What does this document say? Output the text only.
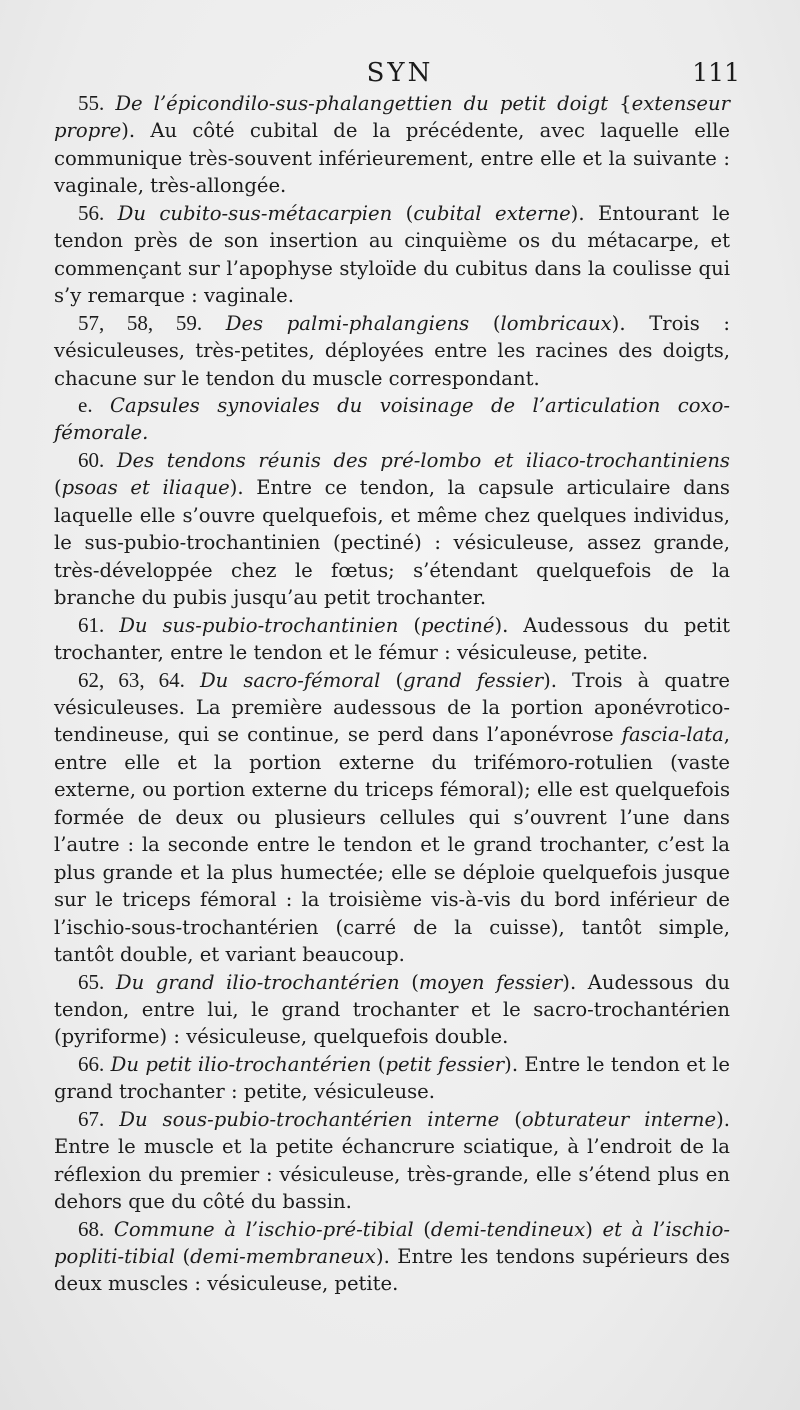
SYN	111

55. De l’épicondilo-sus-phalangettien du petit doigt {extenseur propre). Au côté cubital de la précédente, avec laquelle elle communique très-souvent inférieurement, entre elle et la suivante : vaginale, très-allongée.

56. Du cubito-sus-métacarpien (cubital externe). Entourant le tendon près de son insertion au cinquième os du métacarpe, et commençant sur l’apophyse styloïde du cubitus dans la coulisse qui s’y remarque : vaginale.

57, 58, 59. Des palmi-phalangiens (lombricaux). Trois : vésiculeuses, très-petites, déployées entre les racines des doigts, chacune sur le tendon du muscle correspondant.

e. Capsules synoviales du voisinage de l’articulation coxo-fémorale.

60. Des tendons réunis des pré-lombo et iliaco-trochantiniens (psoas et iliaque). Entre ce tendon, la capsule articulaire dans laquelle elle s’ouvre quelquefois, et même chez quelques individus, le sus-pubio-trochantinien (pectiné) : vésiculeuse, assez grande, très-développée chez le fœtus; s’étendant quelquefois de la branche du pubis jusqu’au petit trochanter.

61. Du sus-pubio-trochantinien (pectiné). Audessous du petit trochanter, entre le tendon et le fémur : vésiculeuse, petite.

62, 63, 64. Du sacro-fémoral (grand fessier). Trois à quatre vésiculeuses. La première audessous de la portion aponévrotico-tendineuse, qui se continue, se perd dans l’aponévrose fascia-lata, entre elle et la portion externe du trifémoro-rotulien (vaste externe, ou portion externe du triceps fémoral); elle est quelquefois formée de deux ou plusieurs cellules qui s’ouvrent l’une dans l’autre : la seconde entre le tendon et le grand trochanter, c’est la plus grande et la plus humectée; elle se déploie quelquefois jusque sur le triceps fémoral : la troisième vis-à-vis du bord inférieur de l’ischio-sous-trochantérien (carré de la cuisse), tantôt simple, tantôt double, et variant beaucoup.

65. Du grand ilio-trochantérien (moyen fessier). Audessous du tendon, entre lui, le grand trochanter et le sacro-trochantérien (pyriforme) : vésiculeuse, quelquefois double.

66. Du petit ilio-trochantérien (petit fessier). Entre le tendon et le grand trochanter : petite, vésiculeuse.

67. Du sous-pubio-trochantérien interne (obturateur interne). Entre le muscle et la petite échancrure sciatique, à l’endroit de la réflexion du premier : vésiculeuse, très-grande, elle s’étend plus en dehors que du côté du bassin.

68. Commune à l’ischio-pré-tibial (demi-tendineux) et à l’ischio-popliti-tibial (demi-membraneux). Entre les tendons supérieurs des deux muscles : vésiculeuse, petite.
